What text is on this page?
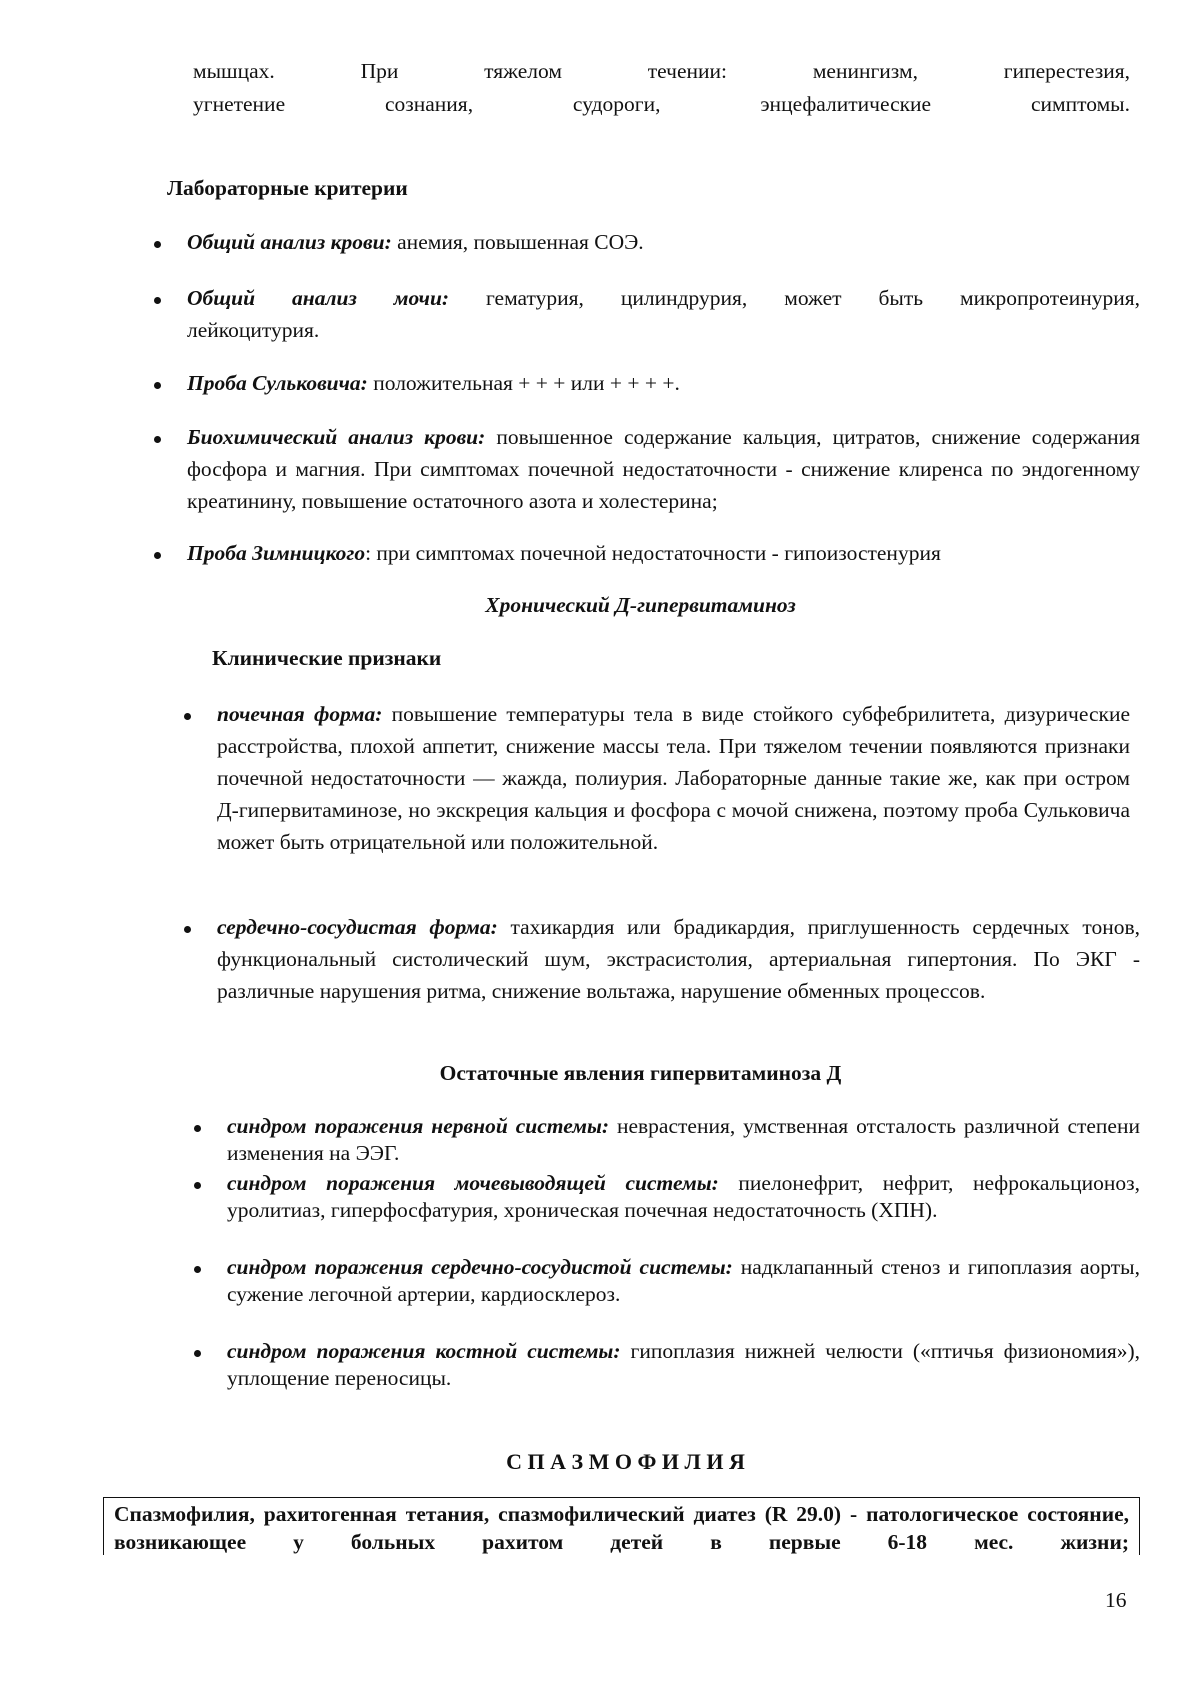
мышцах. При тяжелом течении: менингизм, гиперестезия,
угнетение сознания, судороги, энцефалитические симптомы.
Лабораторные критерии
Общий анализ крови: анемия, повышенная СОЭ.
Общий анализ мочи: гематурия, цилиндрурия, может быть микропротеинурия,
лейкоцитурия.
Проба Сульковича: положительная + + + или + + + +.
Биохимический анализ крови: повышенное содержание кальция, цитратов, снижение содержания фосфора и магния. При симптомах почечной недостаточности - снижение клиренса по эндогенному креатинину, повышение остаточного азота и холестерина;
Проба Зимницкого: при симптомах почечной недостаточности - гипоизостенурия
Хронический Д-гипервитаминоз
Клинические признаки
почечная форма: повышение температуры тела в виде стойкого субфебрилитета, дизурические расстройства, плохой аппетит, снижение массы тела. При тяжелом течении появляются признаки почечной недостаточности — жажда, полиурия. Лабораторные данные такие же, как при остром Д-гипервитаминозе, но экскреция кальция и фосфора с мочой снижена, поэтому проба Сульковича может быть отрицательной или положительной.
сердечно-сосудистая форма: тахикардия или брадикардия, приглушенность сердечных тонов, функциональный систолический шум, экстрасистолия, артериальная гипертония. По ЭКГ - различные нарушения ритма, снижение вольтажа, нарушение обменных процессов.
Остаточные явления гипервитаминоза Д
синдром поражения нервной системы: неврастения, умственная отсталость различной степени изменения на ЭЭГ.
синдром поражения мочевыводящей системы: пиелонефрит, нефрит, нефрокальционоз, уролитиаз, гиперфосфатурия, хроническая почечная недостаточность (ХПН).
синдром поражения сердечно-сосудистой системы: надклапанный стеноз и гипоплазия аорты, сужение легочной артерии, кардиосклероз.
синдром поражения костной системы: гипоплазия нижней челюсти («птичья физиономия»), уплощение переносицы.
С П А З М О Ф И Л И Я
Спазмофилия, рахитогенная тетания, спазмофилический диатез (R 29.0) - патологическое состояние, возникающее у больных рахитом детей в первые 6-18 мес. жизни;
16
